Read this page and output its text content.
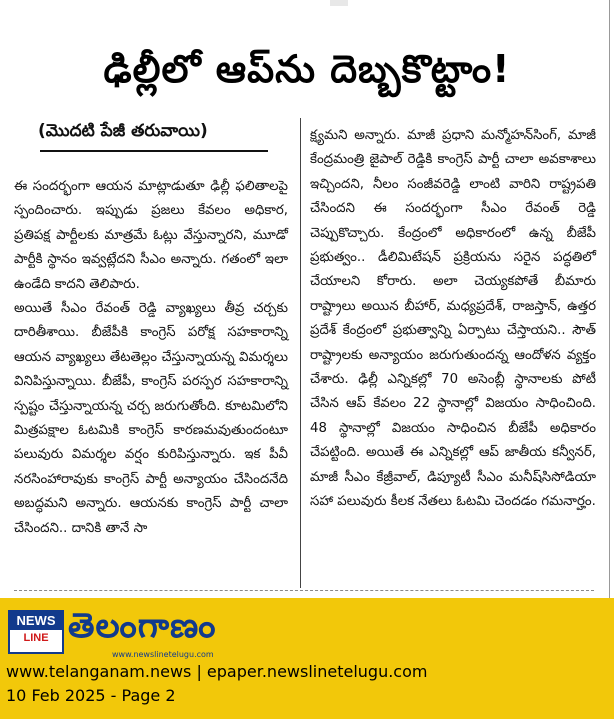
ఢిల్లీలో ఆప్‌ను దెబ్బకొట్టాం!
(మొదటి పేజీ తరువాయి)

ఈ సందర్భంగా ఆయన మాట్లాడుతూ ఢిల్లీ ఫలితాలపై స్పందించారు. ఇప్పుడు ప్రజలు కేవలం అధికార, ప్రతిపక్ష పార్టీలకు మాత్రమే ఓట్లు వేస్తున్నారని, మూడో పార్టీకి స్థానం ఇవ్వట్లేదని సీఎం అన్నారు. గతంలో ఇలా ఉండేది కాదని తెలిపారు.

అయితే సీఎం రేవంత్ రెడ్డి వ్యాఖ్యలు తీవ్ర చర్చకు దారితీశాయి. బీజేపీకి కాంగ్రెస్ పరోక్ష సహకారాన్ని ఆయన వ్యాఖ్యలు తేటతెల్లం చేస్తున్నాయన్న విమర్శలు వినిపిస్తున్నాయి. బీజేపీ, కాంగ్రెస్ పరస్పర సహకారాన్ని స్పష్టం చేస్తున్నాయన్న చర్చ జరుగుతోంది. కూటమిలోని మిత్రపక్షాల ఓటమికి కాంగ్రెస్ కారణమవుతుందంటూ పలువురు విమర్శల వర్షం కురిపిస్తున్నారు. ఇక పీవీ నరసింహారావుకు కాంగ్రెస్ పార్టీ అన్యాయం చేసిందనేది అబద్ధమని అన్నారు. ఆయనకు కాంగ్రెస్ పార్టీ చాలా చేసిందని.. దానికి తానే సా

క్ష్యమని అన్నారు. మాజీ ప్రధాని మన్మోహన్‌సింగ్, మాజీ కేంద్రమంత్రి జైపాల్ రెడ్డికి కాంగ్రెస్ పార్టీ చాలా అవకాశాలు ఇచ్చిందని, నీలం సంజీవరెడ్డి లాంటి వారిని రాష్ట్రపతి చేసిందని ఈ సందర్భంగా సీఎం రేవంత్ రెడ్డి చెప్పుకొచ్చారు. కేంద్రంలో అధికారంలో ఉన్న బీజేపీ ప్రభుత్వం.. డీలిమిటేషన్ ప్రక్రియను సరైన పద్ధతిలో చేయాలని కోరారు. అలా చెయ్యకపోతే బీమారు రాష్ట్రాలు అయిన బీహార్, మధ్యప్రదేశ్, రాజస్తాన్, ఉత్తర ప్రదేశ్ కేంద్రంలో ప్రభుత్వాన్ని ఏర్పాటు చేస్తాయని.. సౌత్ రాష్ట్రాలకు అన్యాయం జరుగుతుందన్న ఆందోళన వ్యక్తం చేశారు. ఢిల్లీ ఎన్నికల్లో 70 అసెంబ్లీ స్థానాలకు పోటీ చేసిన ఆప్ కేవలం 22 స్థానాల్లో విజయం సాధించింది. 48 స్థానాల్లో విజయం సాధించిన బీజేపీ అధికారం చేపట్టింది. అయితే ఈ ఎన్నికల్లో ఆప్ జాతీయ కన్వీనర్, మాజీ సీఎం కేజ్రీవాల్, డిప్యూటీ సీఎం మనీష్‌సిసోడియా సహా పలువురు కీలక నేతలు ఓటమి చెందడం గమనార్హం.

NEWS
LINE తెలంగాణం
www.newslinetelugu.com
www.telanganam.news | epaper.newslinetelugu.com
10 Feb 2025 - Page 2
